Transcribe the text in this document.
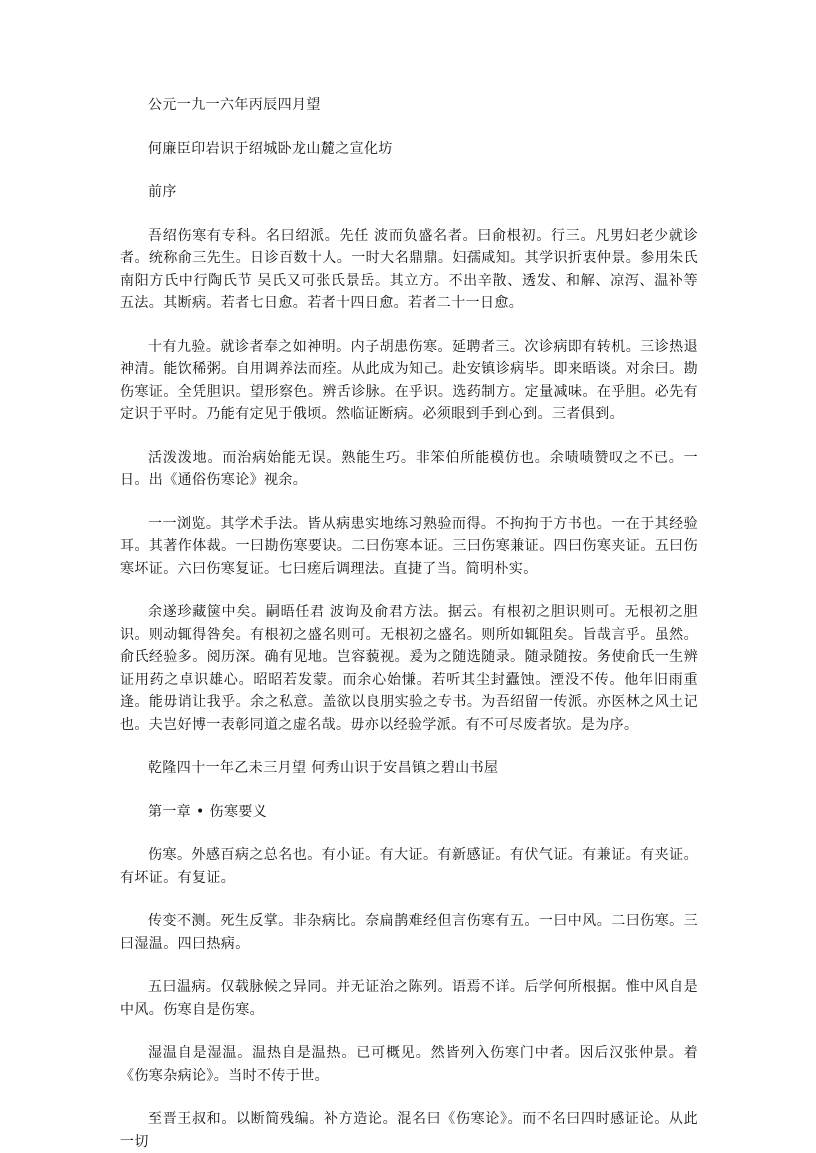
公元一九一六年丙辰四月望

何廉臣印岩识于绍城卧龙山麓之宣化坊

前序

吾绍伤寒有专科。名曰绍派。先任 波而负盛名者。曰俞根初。行三。凡男妇老少就诊者。统称俞三先生。日诊百数十人。一时大名鼎鼎。妇孺咸知。其学识折衷仲景。参用朱氏南阳方氏中行陶氏节 吴氏又可张氏景岳。其立方。不出辛散、透发、和解、凉泻、温补等五法。其断病。若者七日愈。若者十四日愈。若者二十一日愈。

十有九验。就诊者奉之如神明。内子胡患伤寒。延聘者三。次诊病即有转机。三诊热退神清。能饮稀粥。自用调养法而痊。从此成为知己。赴安镇诊病毕。即来晤谈。对余曰。勘伤寒证。全凭胆识。望形察色。辨舌诊脉。在乎识。选药制方。定量减味。在乎胆。必先有定识于平时。乃能有定见于俄顷。然临证断病。必须眼到手到心到。三者俱到。

活泼泼地。而治病始能无误。熟能生巧。非笨伯所能模仿也。余啧啧赞叹之不已。一日。出《通俗伤寒论》视余。

一一浏览。其学术手法。皆从病患实地练习熟验而得。不拘拘于方书也。一在于其经验耳。其著作体裁。一曰勘伤寒要诀。二曰伤寒本证。三曰伤寒兼证。四曰伤寒夹证。五曰伤寒坏证。六曰伤寒复证。七曰瘥后调理法。直捷了当。简明朴实。

余遂珍藏箧中矣。嗣晤任君 波询及俞君方法。据云。有根初之胆识则可。无根初之胆识。则动辄得咎矣。有根初之盛名则可。无根初之盛名。则所如辄阻矣。旨哉言乎。虽然。俞氏经验多。阅历深。确有见地。岂容藐视。爰为之随选随录。随录随按。务使俞氏一生辨证用药之卓识雄心。昭昭若发蒙。而余心始慊。若听其尘封蠹蚀。湮没不传。他年旧雨重逢。能毋诮让我乎。余之私意。盖欲以良朋实验之专书。为吾绍留一传派。亦医林之风土记也。夫岂好博一表彰同道之虚名哉。毋亦以经验学派。有不可尽废者欤。是为序。

乾隆四十一年乙未三月望 何秀山识于安昌镇之碧山书屋

第一章 • 伤寒要义

伤寒。外感百病之总名也。有小证。有大证。有新感证。有伏气证。有兼证。有夹证。有坏证。有复证。

传变不测。死生反掌。非杂病比。奈扁鹊难经但言伤寒有五。一曰中风。二曰伤寒。三曰湿温。四曰热病。

五曰温病。仅载脉候之异同。并无证治之陈列。语焉不详。后学何所根据。惟中风自是中风。伤寒自是伤寒。

湿温自是湿温。温热自是温热。已可概见。然皆列入伤寒门中者。因后汉张仲景。着《伤寒杂病论》。当时不传于世。

至晋王叔和。以断简残编。补方造论。混名曰《伤寒论》。而不名曰四时感证论。从此一切
